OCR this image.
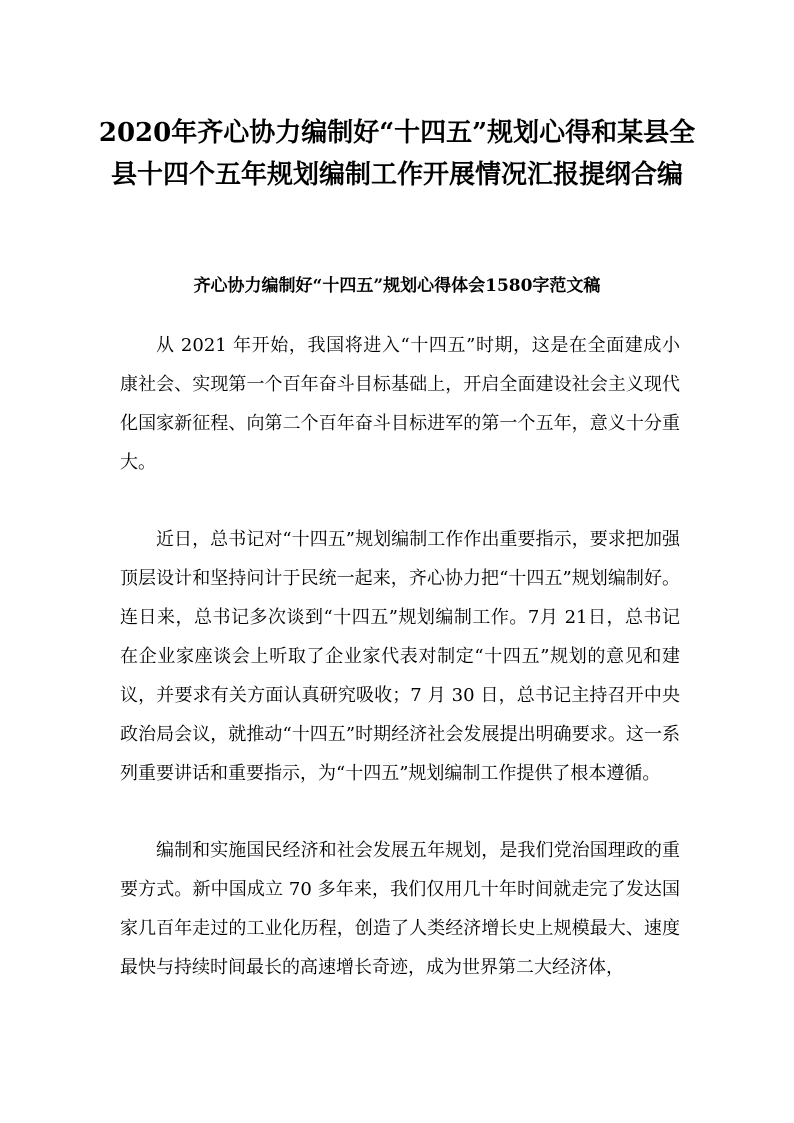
2020年齐心协力编制好“十四五”规划心得和某县全
县十四个五年规划编制工作开展情况汇报提纲合编
齐心协力编制好“十四五”规划心得体会1580字范文稿

从 2021 年开始，我国将进入“十四五”时期，这是在全面建成小康社会、实现第一个百年奋斗目标基础上，开启全面建设社会主义现代化国家新征程、向第二个百年奋斗目标进军的第一个五年，意义十分重大。

近日，总书记对“十四五”规划编制工作作出重要指示，要求把加强顶层设计和坚持问计于民统一起来，齐心协力把“十四五”规划编制好。连日来，总书记多次谈到“十四五”规划编制工作。7月 21日，总书记在企业家座谈会上听取了企业家代表对制定“十四五”规划的意见和建议，并要求有关方面认真研究吸收；7 月 30 日，总书记主持召开中央政治局会议，就推动“十四五”时期经济社会发展提出明确要求。这一系列重要讲话和重要指示，为“十四五”规划编制工作提供了根本遵循。

编制和实施国民经济和社会发展五年规划，是我们党治国理政的重要方式。新中国成立 70 多年来，我们仅用几十年时间就走完了发达国家几百年走过的工业化历程，创造了人类经济增长史上规模最大、速度最快与持续时间最长的高速增长奇迹，成为世界第二大经济体，
